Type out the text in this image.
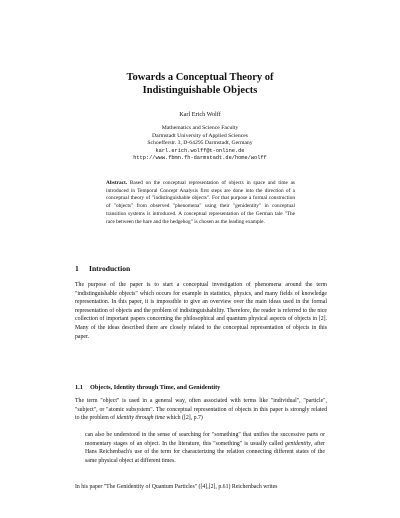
Towards a Conceptual Theory of
Indistinguishable Objects
Karl Erich Wolff
Mathematics and Science Faculty
Darmstadt University of Applied Sciences
Schoefferstr. 3, D-64295 Darmstadt, Germany
karl.erich.wolff@t-online.de
http://www.fbmn.fh-darmstadt.de/home/wolff
Abstract. Based on the conceptual representation of objects in space and time as introduced in Temporal Concept Analysis first steps are done into the direction of a conceptual theory of "indistinguishable objects". For that purpose a formal construction of "objects" from observed "phenomena" using their "genidentity" in conceptual transition systems is introduced. A conceptual representation of the German tale "The race between the hare and the hedgehog" is chosen as the leading example.
1 Introduction

The purpose of the paper is to start a conceptual investigation of phenomena around the term "indistinguishable objects" which occurs for example in statistics, physics, and many fields of knowledge representation. In this paper, it is impossible to give an overview over the main ideas used in the formal representation of objects and the problem of indistinguishability. Therefore, the reader is referred to the nice collection of important papers concerning the philosophical and quantum physical aspects of objects in [2]. Many of the ideas described there are closely related to the conceptual representation of objects in this paper.

1.1 Objects, Identity through Time, and Genidentity
The term "object" is used in a general way, often associated with terms like "individual", "particle", "subject", or "atomic subsystem". The conceptual representation of objects in this paper is strongly related to the problem of identity through time which ([2], p.7)
can also be understood in the sense of searching for "something" that unifies the successive parts or momentary stages of an object. In the literature, this "something" is usually called genidentity, after Hans Reichenbach's use of the term for characterizing the relation connecting different states of the same physical object at different times.

In his paper "The Genidentity of Quantum Particles" ([4],[2], p.61) Reichenbach writes
